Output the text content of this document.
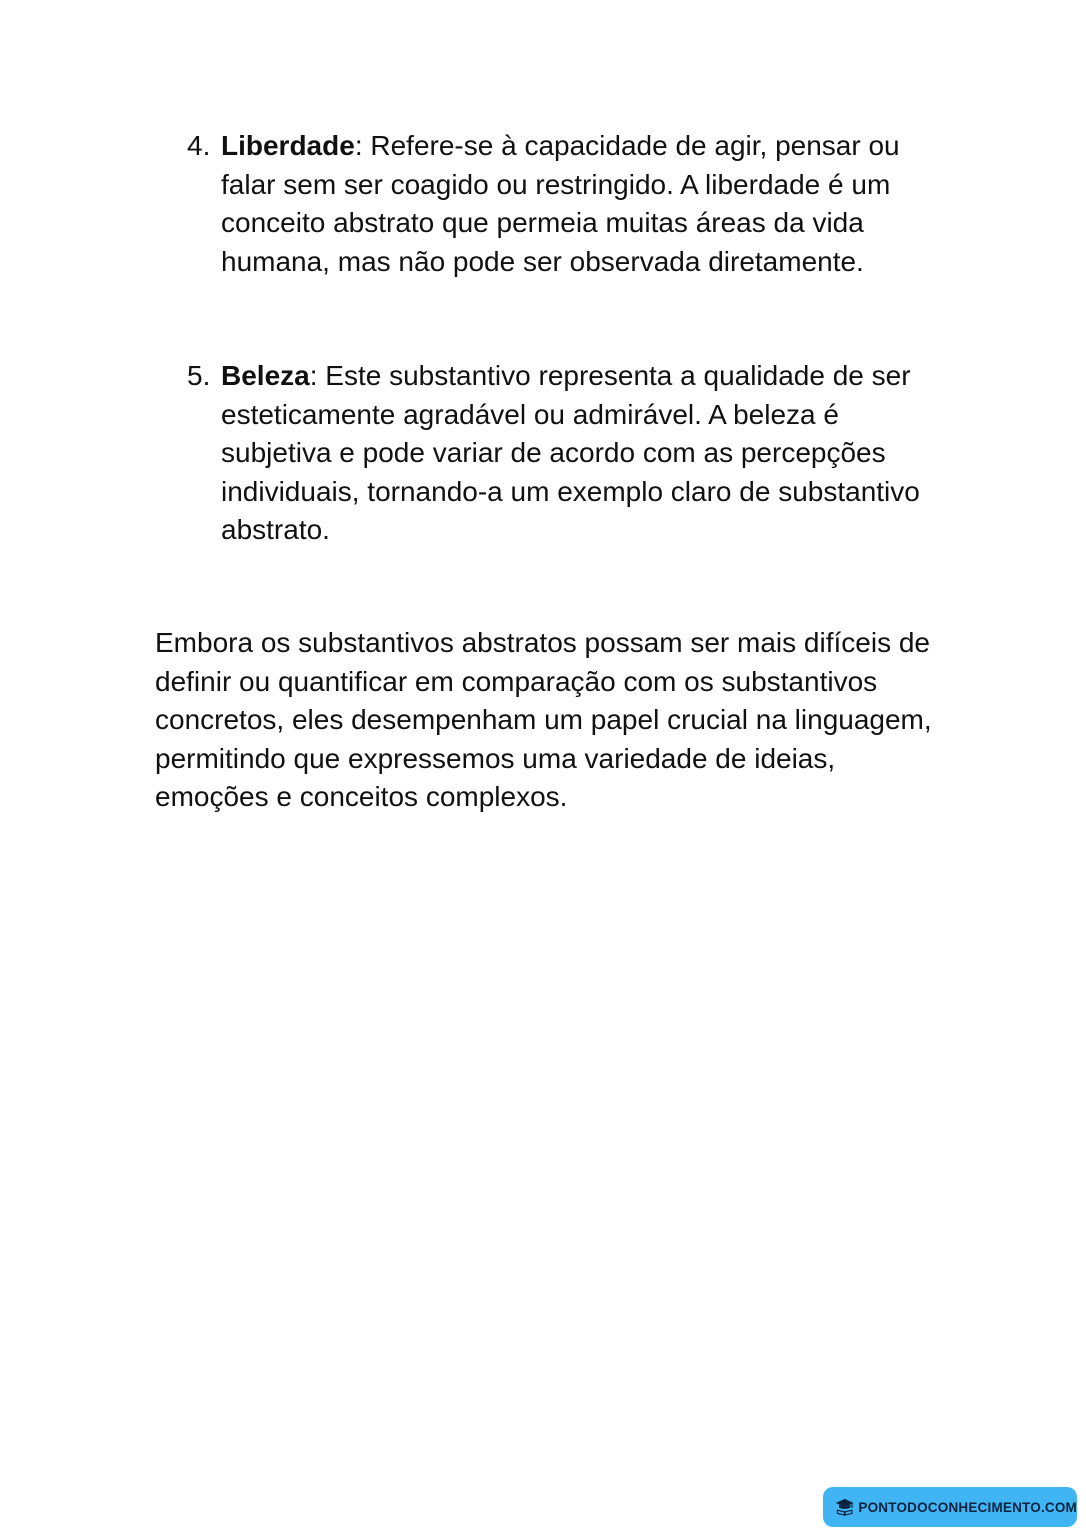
4. Liberdade: Refere-se à capacidade de agir, pensar ou falar sem ser coagido ou restringido. A liberdade é um conceito abstrato que permeia muitas áreas da vida humana, mas não pode ser observada diretamente.
5. Beleza: Este substantivo representa a qualidade de ser esteticamente agradável ou admirável. A beleza é subjetiva e pode variar de acordo com as percepções individuais, tornando-a um exemplo claro de substantivo abstrato.

Embora os substantivos abstratos possam ser mais difíceis de definir ou quantificar em comparação com os substantivos concretos, eles desempenham um papel crucial na linguagem, permitindo que expressemos uma variedade de ideias, emoções e conceitos complexos.

PONTODOCONHECIMENTO.COM
